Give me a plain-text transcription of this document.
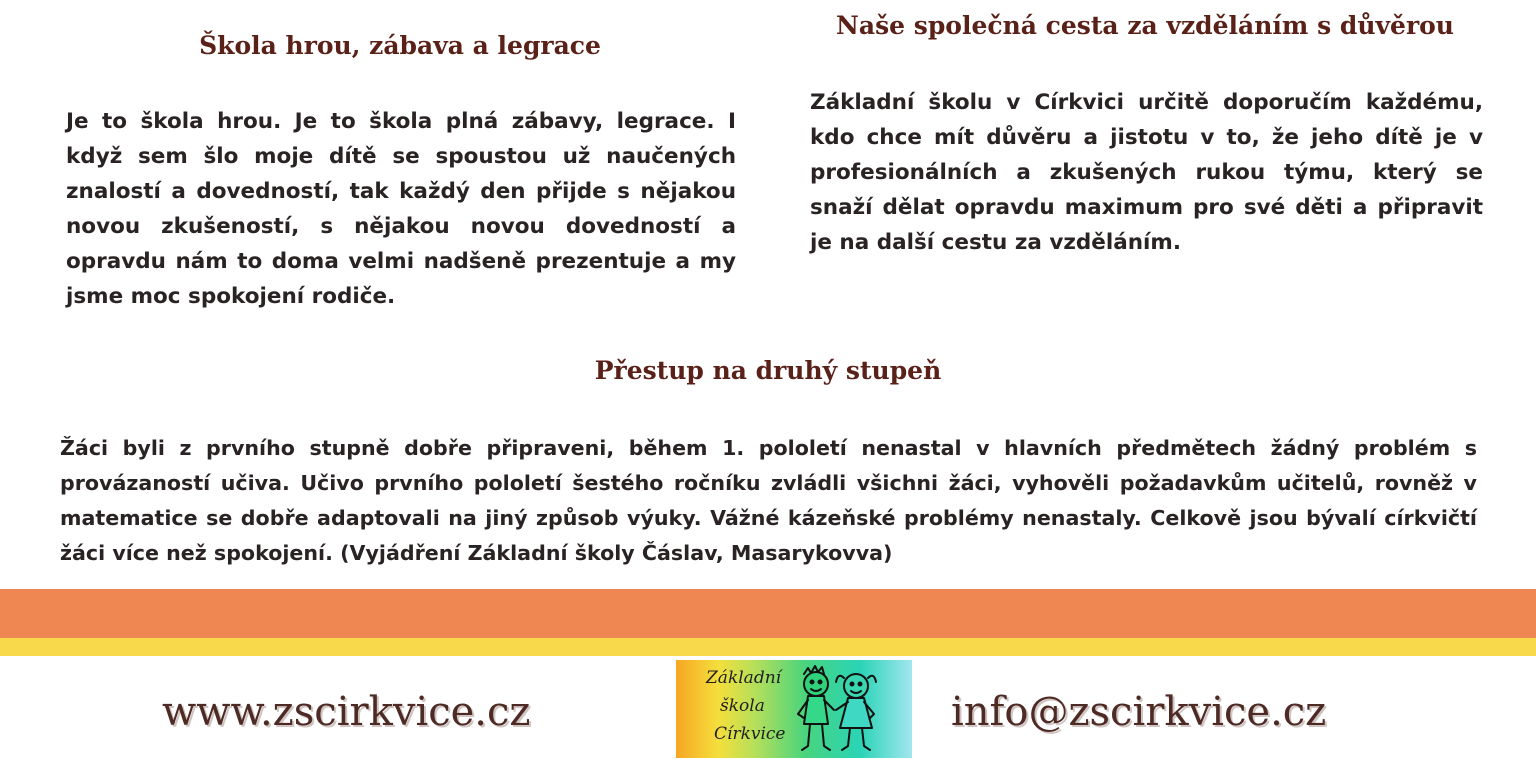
Škola hrou, zábava a legrace

Je to škola hrou. Je to škola plná zábavy, legrace. I když sem šlo moje dítě se spoustou už naučených znalostí a dovedností, tak každý den přijde s nějakou novou zkušeností, s nějakou novou dovedností a opravdu nám to doma velmi nadšeně prezentuje a my jsme moc spokojení rodiče.

Naše společná cesta za vzděláním s důvěrou

Základní školu v Církvici určitě doporučím každému, kdo chce mít důvěru a jistotu v to, že jeho dítě je v profesionálních a zkušených rukou týmu, který se snaží dělat opravdu maximum pro své děti a připravit je na další cestu za vzděláním.

Přestup na druhý stupeň

Žáci byli z prvního stupně dobře připraveni, během 1. pololetí nenastal v hlavních předmětech žádný problém s provázaností učiva. Učivo prvního pololetí šestého ročníku zvládli všichni žáci, vyhověli požadavkům učitelů, rovněž v matematice se dobře adaptovali na jiný způsob výuky. Vážné kázeňské problémy nenastaly. Celkově jsou bývalí církvičtí žáci více než spokojení. (Vyjádření Základní školy Čáslav, Masarykovva)

www.zscirkvice.cz
Základní
škola
Církvice	info@zscirkvice.cz
